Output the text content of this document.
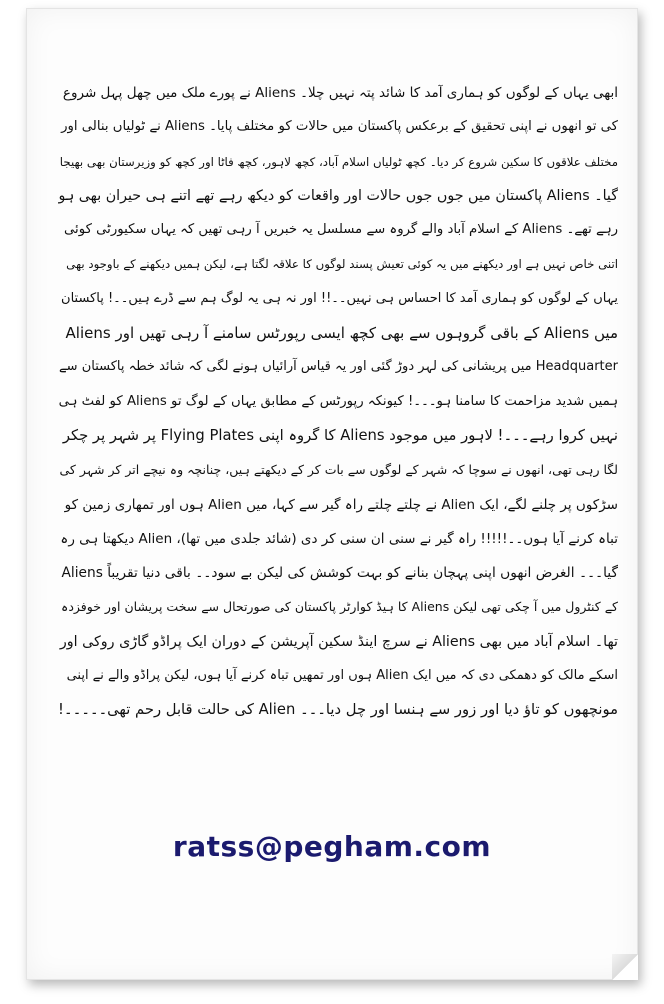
ابھی یہاں کے لوگوں کو ہماری آمد کا شائد پتہ نہیں چلا۔ Aliens نے پورے ملک میں چھل پہل شروع
کی تو انھوں نے اپنی تحقیق کے برعکس پاکستان میں حالات کو مختلف پایا۔ Aliens نے ٹولیاں بنالی اور
مختلف علاقوں کا سکین شروع کر دیا۔ کچھ ٹولیاں اسلام آباد، کچھ لاہور، کچھ فاٹا اور کچھ کو وزیرستان بھی بھیجا
گیا۔ Aliens پاکستان میں جوں جوں حالات اور واقعات کو دیکھ رہے تھے اتنے ہی حیران بھی ہو
رہے تھے۔ Aliens کے اسلام آباد والے گروہ سے مسلسل یہ خبریں آ رہی تھیں کہ یہاں سکیورٹی کوئی
اتنی خاص نہیں ہے اور دیکھنے میں یہ کوئی تعیش پسند لوگوں کا علاقہ لگتا ہے، لیکن ہمیں دیکھنے کے باوجود بھی
یہاں کے لوگوں کو ہماری آمد کا احساس ہی نہیں۔۔!! اور نہ ہی یہ لوگ ہم سے ڈرے ہیں۔۔! پاکستان
میں Aliens کے باقی گروہوں سے بھی کچھ ایسی رپورٹس سامنے آ رہی تھیں اور Aliens
Headquarter میں پریشانی کی لہر دوڑ گئی اور یہ قیاس آرائیاں ہونے لگی کہ شائد خطہ پاکستان سے
ہمیں شدید مزاحمت کا سامنا ہو۔۔۔! کیونکہ رپورٹس کے مطابق یہاں کے لوگ تو Aliens کو لفٹ ہی
نہیں کروا رہے۔۔۔! لاہور میں موجود Aliens کا گروہ اپنی Flying Plates پر شہر پر چکر
لگا رہی تھی، انھوں نے سوچا کہ شہر کے لوگوں سے بات کر کے دیکھتے ہیں، چنانچہ وہ نیچے اتر کر شہر کی
سڑکوں پر چلنے لگے، ایک Alien نے چلتے چلتے راہ گیر سے کہا، میں Alien ہوں اور تمھاری زمین کو
تباہ کرنے آیا ہوں۔۔!!!!! راہ گیر نے سنی ان سنی کر دی (شائد جلدی میں تھا)، Alien دیکھتا ہی رہ
گیا۔۔۔ الغرض انھوں اپنی پہچان بنانے کو بہت کوشش کی لیکن بے سود۔۔ باقی دنیا تقریباً Aliens
کے کنٹرول میں آ چکی تھی لیکن Aliens کا ہیڈ کوارٹر پاکستان کی صورتحال سے سخت پریشان اور خوفزدہ
تھا۔ اسلام آباد میں بھی Aliens نے سرچ اینڈ سکین آپریشن کے دوران ایک پراڈو گاڑی روکی اور
اسکے مالک کو دھمکی دی کہ میں ایک Alien ہوں اور تمھیں تباہ کرنے آیا ہوں، لیکن پراڈو والے نے اپنی
مونچھوں کو تاؤ دیا اور زور سے ہنسا اور چل دیا۔۔۔ Alien کی حالت قابل رحم تھی۔۔۔۔۔!
ratss@pegham.com
